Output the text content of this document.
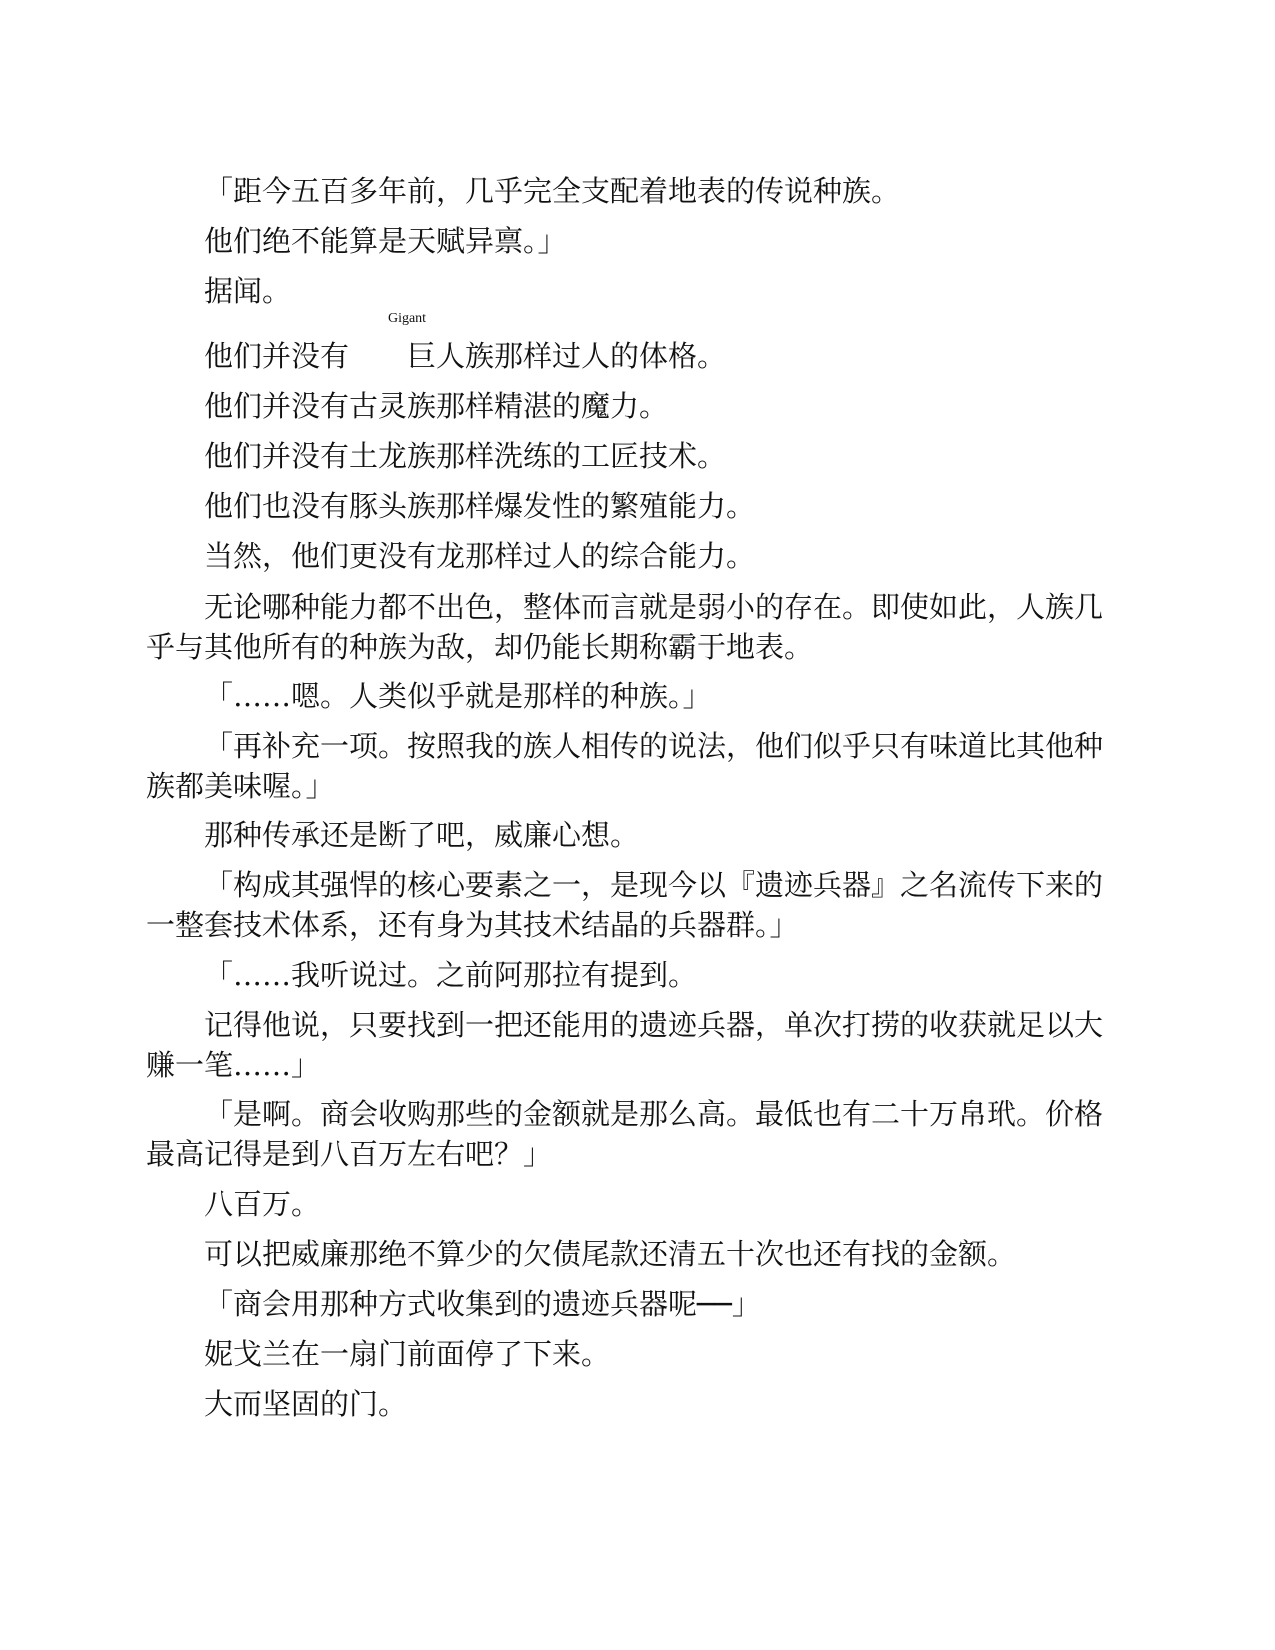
「距今五百多年前，几乎完全支配着地表的传说种族。

他们绝不能算是天赋异禀。」

据闻。

他们并没有
Gigant
巨人族那样过人的体格。

他们并没有古灵族那样精湛的魔力。

他们并没有土龙族那样洗练的工匠技术。

他们也没有豚头族那样爆发性的繁殖能力。

当然，他们更没有龙那样过人的综合能力。

无论哪种能力都不出色，整体而言就是弱小的存在。即使如此，人族几乎与其他所有的种族为敌，却仍能长期称霸于地表。

「……嗯。人类似乎就是那样的种族。」

「再补充一项。按照我的族人相传的说法，他们似乎只有味道比其他种族都美味喔。」

那种传承还是断了吧，威廉心想。

「构成其强悍的核心要素之一，是现今以『遗迹兵器』之名流传下来的一整套技术体系，还有身为其技术结晶的兵器群。」

「……我听说过。之前阿那拉有提到。

记得他说，只要找到一把还能用的遗迹兵器，单次打捞的收获就足以大赚一笔……」

「是啊。商会收购那些的金额就是那么高。最低也有二十万帛玳。价格最高记得是到八百万左右吧？」

八百万。

可以把威廉那绝不算少的欠债尾款还清五十次也还有找的金额。

「商会用那种方式收集到的遗迹兵器呢──」

妮戈兰在一扇门前面停了下来。

大而坚固的门。
